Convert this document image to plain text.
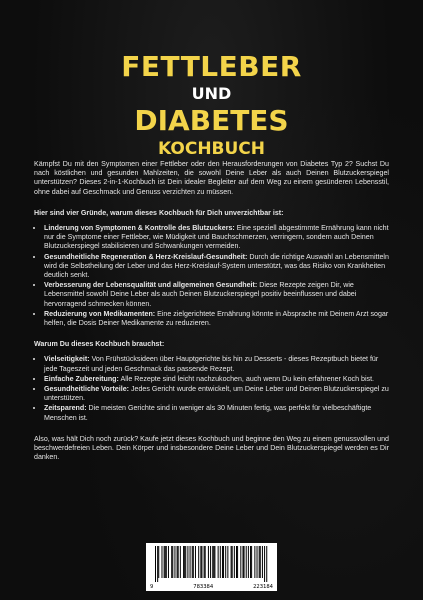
FETTLEBER
UND
DIABETES
KOCHBUCH

Kämpfst Du mit den Symptomen einer Fettleber oder den Herausforderungen von Diabetes Typ 2? Suchst Du nach köstlichen und gesunden Mahlzeiten, die sowohl Deine Leber als auch Deinen Blutzuckerspiegel unterstützen? Dieses 2-in-1-Kochbuch ist Dein idealer Begleiter auf dem Weg zu einem gesünderen Lebensstil, ohne dabei auf Geschmack und Genuss verzichten zu müssen.

Hier sind vier Gründe, warum dieses Kochbuch für Dich unverzichtbar ist:
• Linderung von Symptomen & Kontrolle des Blutzuckers: Eine speziell abgestimmte Ernährung kann nicht nur die Symptome einer Fettleber, wie Müdigkeit und Bauchschmerzen, verringern, sondern auch Deinen Blutzuckerspiegel stabilisieren und Schwankungen vermeiden.
• Gesundheitliche Regeneration & Herz-Kreislauf-Gesundheit: Durch die richtige Auswahl an Lebensmitteln wird die Selbstheilung der Leber und das Herz-Kreislauf-System unterstützt, was das Risiko von Krankheiten deutlich senkt.
• Verbesserung der Lebensqualität und allgemeinen Gesundheit: Diese Rezepte zeigen Dir, wie Lebensmittel sowohl Deine Leber als auch Deinen Blutzuckerspiegel positiv beeinflussen und dabei hervorragend schmecken können.
• Reduzierung von Medikamenten: Eine zielgerichtete Ernährung könnte in Absprache mit Deinem Arzt sogar helfen, die Dosis Deiner Medikamente zu reduzieren.
Warum Du dieses Kochbuch brauchst:
• Vielseitigkeit: Von Frühstücksideen über Hauptgerichte bis hin zu Desserts - dieses Rezeptbuch bietet für jede Tageszeit und jeden Geschmack das passende Rezept.
• Einfache Zubereitung: Alle Rezepte sind leicht nachzukochen, auch wenn Du kein erfahrener Koch bist.
• Gesundheitliche Vorteile: Jedes Gericht wurde entwickelt, um Deine Leber und Deinen Blutzuckerspiegel zu unterstützen.
• Zeitsparend: Die meisten Gerichte sind in weniger als 30 Minuten fertig, was perfekt für vielbeschäftigte Menschen ist.

Also, was hält Dich noch zurück? Kaufe jetzt dieses Kochbuch und beginne den Weg zu einem genussvollen und beschwerdefreien Leben. Dein Körper und insbesondere Deine Leber und Dein Blutzuckerspiegel werden es Dir danken.

9	783384	223184
